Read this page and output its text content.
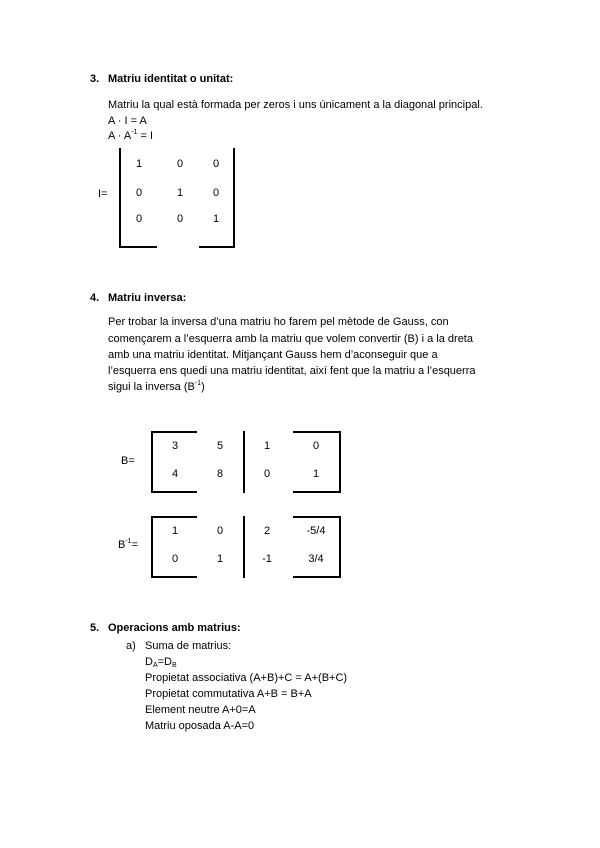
3. Matriu identitat o unitat:
Matriu la qual està formada per zeros i uns únicament a la diagonal principal.
A · I = A
$A \cdot A^{-1} = I$
I=
1	0	0
0	1	0
0	0	1
4. Matriu inversa:
Per trobar la inversa d’una matriu ho farem pel mètode de Gauss, con
començarem a l’esquerra amb la matriu que volem convertir (B) i a la dreta
amb una matriu identitat. Mitjançant Gauss hem d’aconseguir que a
l’esquerra ens quedi una matriu identitat, així fent que la matriu a l’esquerra
sigui la inversa $(B^{-1})$
B=
3	5	1	0
4	8	0	1
$B^{-1}=$
1	0	2	-5/4
0	1	-1	3/4
5. Operacions amb matrius:
a) Suma de matrius:
$D_A=D_B$
Propietat associativa (A+B)+C = A+(B+C)
Propietat commutativa A+B = B+A
Element neutre A+0=A
Matriu oposada A-A=0
